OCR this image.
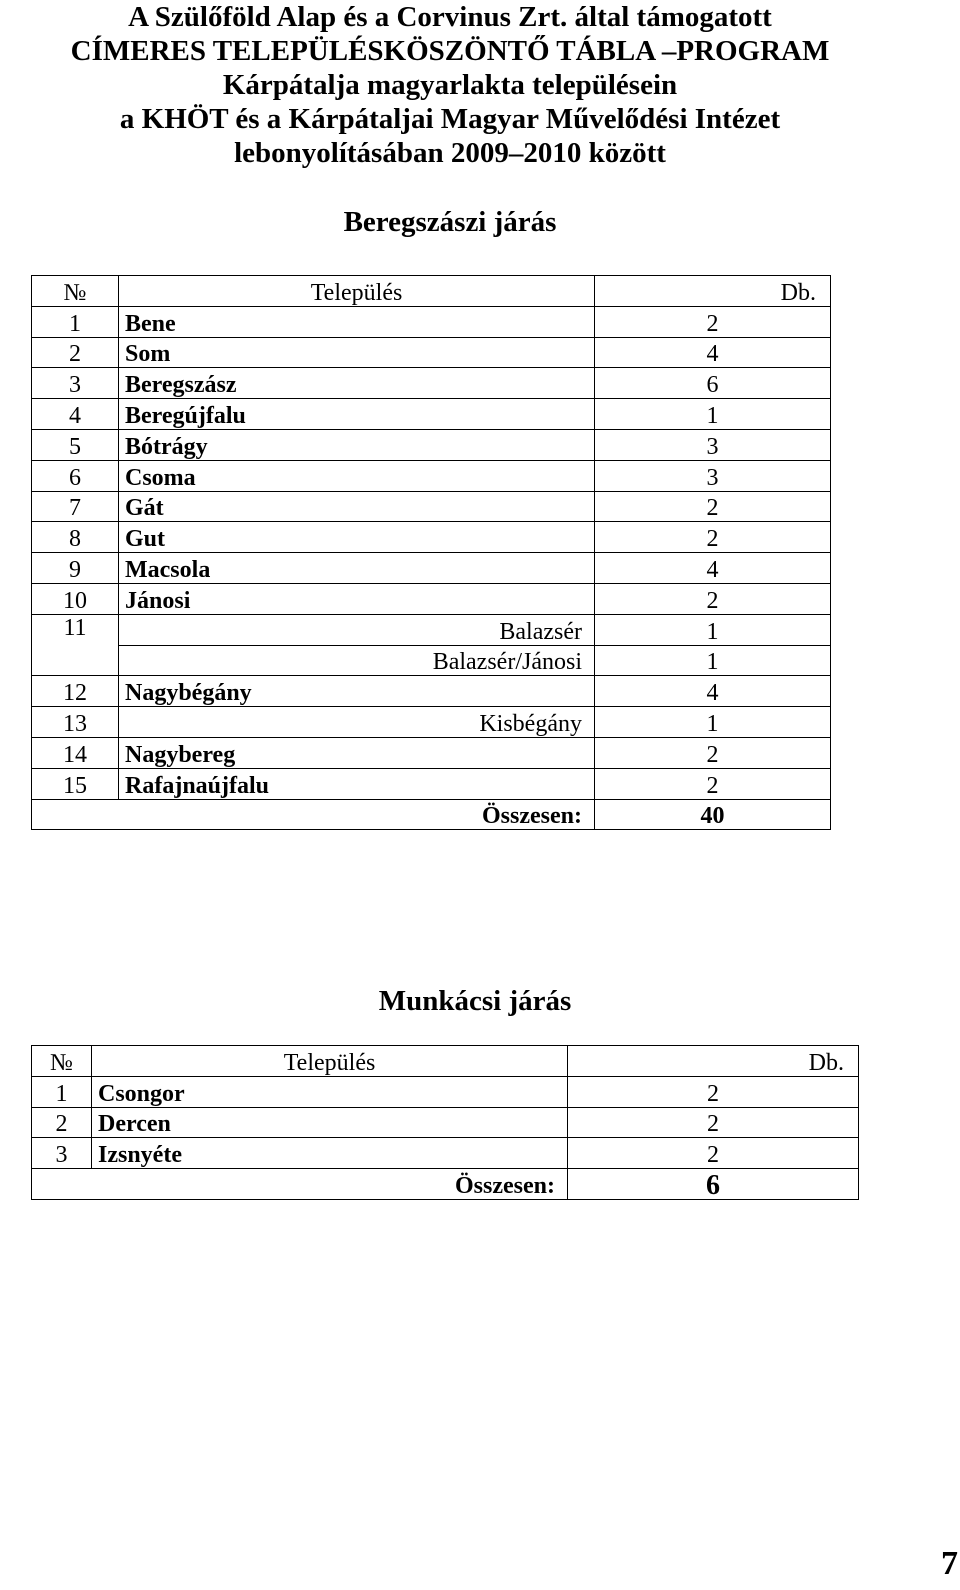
A Szülőföld Alap és a Corvinus Zrt. által támogatott
CÍMERES TELEPÜLÉSKÖSZÖNTŐ TÁBLA –PROGRAM
Kárpátalja magyarlakta településein
a KHÖT és a Kárpátaljai Magyar Művelődési Intézet
lebonyolításában 2009–2010 között
Beregszászi járás
№	Település	Db.
1	Bene	2
2	Som	4
3	Beregszász	6
4	Beregújfalu	1
5	Bótrágy	3
6	Csoma	3
7	Gát	2
8	Gut	2
9	Macsola	4
10	Jánosi	2
11	Balazsér	1
	Balazsér/Jánosi	1
12	Nagybégány	4
13	Kisbégány	1
14	Nagybereg	2
15	Rafajnaújfalu	2
Összesen:		40
Munkácsi járás
№	Település	Db.
1	Csongor	2
2	Dercen	2
3	Izsnyéte	2
Összesen:		6
7
